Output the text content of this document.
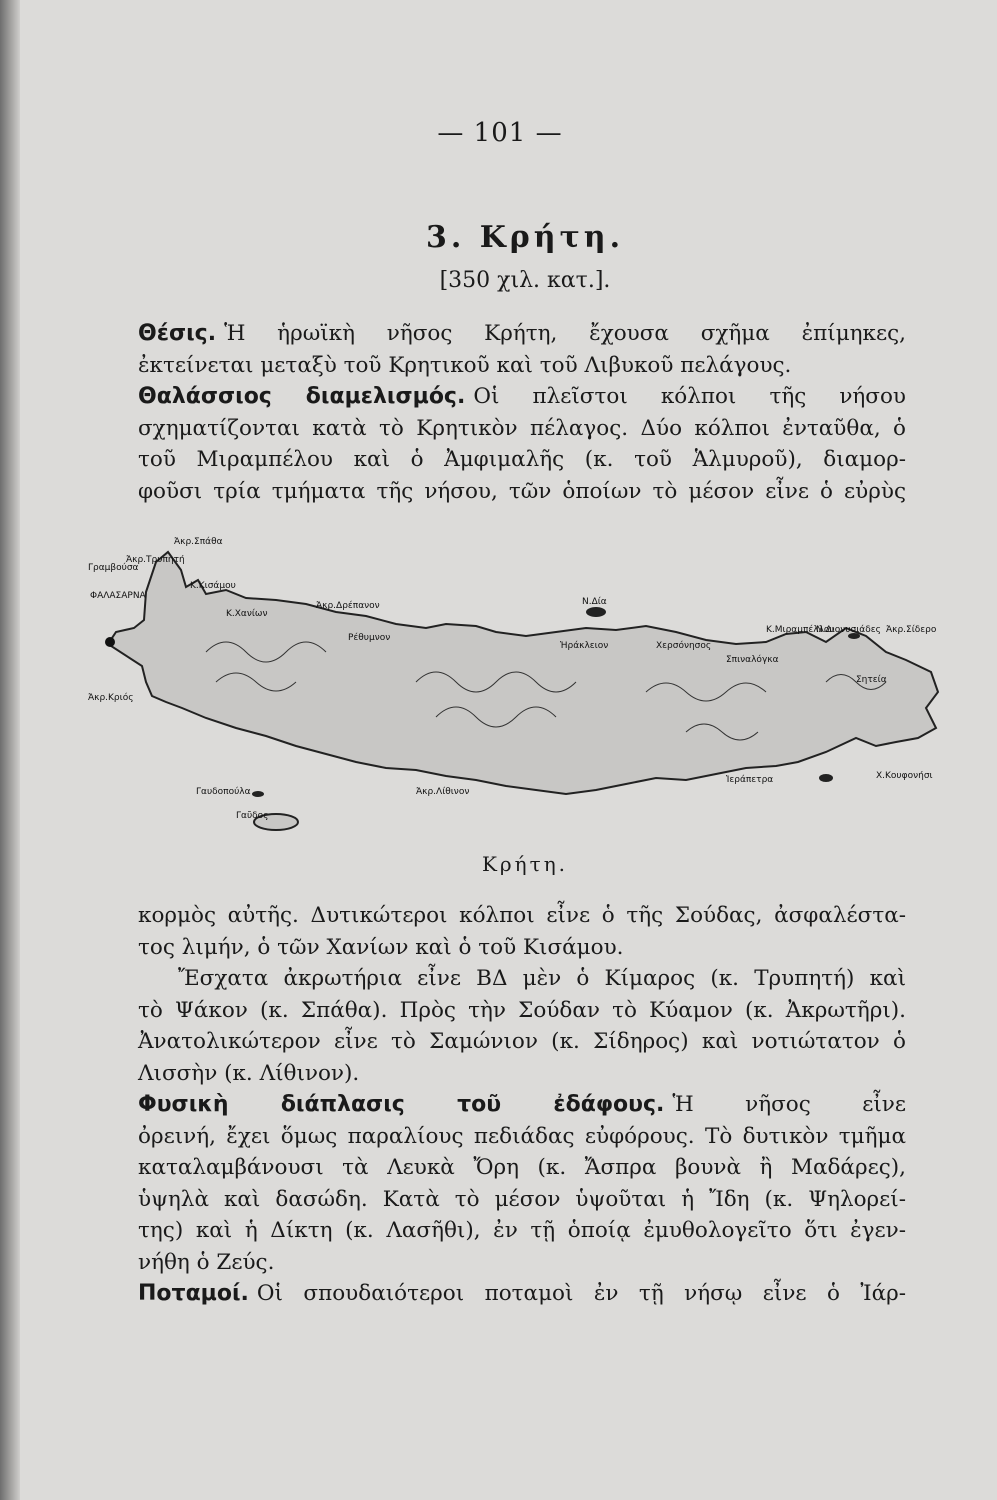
— 101 —
3. Κρήτη.
[350 χιλ. κατ.].
Θέσις. Ἡ ἡρωϊκὴ νῆσος Κρήτη, ἔχουσα σχῆμα ἐπίμηκες,
ἐκτείνεται μεταξὺ τοῦ Κρητικοῦ καὶ τοῦ Λιβυκοῦ πελάγους.
Θαλάσσιος διαμελισμός. Οἱ πλεῖστοι κόλποι τῆς νήσου
σχηματίζονται κατὰ τὸ Κρητικὸν πέλαγος. Δύο κόλποι ἐνταῦθα, ὁ
τοῦ Μιραμπέλου καὶ ὁ Ἀμφιμαλῆς (κ. τοῦ Ἁλμυροῦ), διαμορ-
φοῦσι τρία τμήματα τῆς νήσου, τῶν ὁποίων τὸ μέσον εἶνε ὁ εὐρὺς
Ἀκρ.Σπάθα
Γραμβούσα
ΦΑΛΑΣΑΡΝΑ
Κ.Κισάμου
Κ.Χανίων
Ἀκρ.Δρέπανον	Ν.Δία
Ἀκρ.Κριός
Ρέθυμνον
Ἡράκλειον	Χερσόνησος
Σπιναλόγκα
Κ.Μιραμπέλλου
Ν.Διονυσιάδες Ἀκρ.Σίδερο
Ἀκρ.Τρυπητή
Ἀκρ.Λίθινον
Γαυδοπούλα
Γαῦδος
Χ.Κουφονήσι
Ἱεράπετρα
Σητεία
Κρήτη.
κορμὸς αὐτῆς. Δυτικώτεροι κόλποι εἶνε ὁ τῆς Σούδας, ἀσφαλέστα-
τος λιμήν, ὁ τῶν Χανίων καὶ ὁ τοῦ Κισάμου.
Ἔσχατα ἀκρωτήρια εἶνε ΒΔ μὲν ὁ Κίμαρος (κ. Τρυπητή) καὶ
τὸ Ψάκον (κ. Σπάθα). Πρὸς τὴν Σούδαν τὸ Κύαμον (κ. Ἀκρωτῆρι).
Ἀνατολικώτερον εἶνε τὸ Σαμώνιον (κ. Σίδηρος) καὶ νοτιώτατον ὁ
Λισσὴν (κ. Λίθινον).
Φυσικὴ διάπλασις τοῦ ἐδάφους. Ἡ νῆσος εἶνε
ὀρεινή, ἔχει ὅμως παραλίους πεδιάδας εὐφόρους. Τὸ δυτικὸν τμῆμα
καταλαμβάνουσι τὰ Λευκὰ Ὄρη (κ. Ἄσπρα βουνὰ ἢ Μαδάρες),
ὑψηλὰ καὶ δασώδη. Κατὰ τὸ μέσον ὑψοῦται ἡ Ἴδη (κ. Ψηλορεί-
της) καὶ ἡ Δίκτη (κ. Λασῆθι), ἐν τῇ ὁποίᾳ ἐμυθολογεῖτο ὅτι ἐγεν-
νήθη ὁ Ζεύς.
Ποταμοί. Οἱ σπουδαιότεροι ποταμοὶ ἐν τῇ νήσῳ εἶνε ὁ Ἰάρ-
